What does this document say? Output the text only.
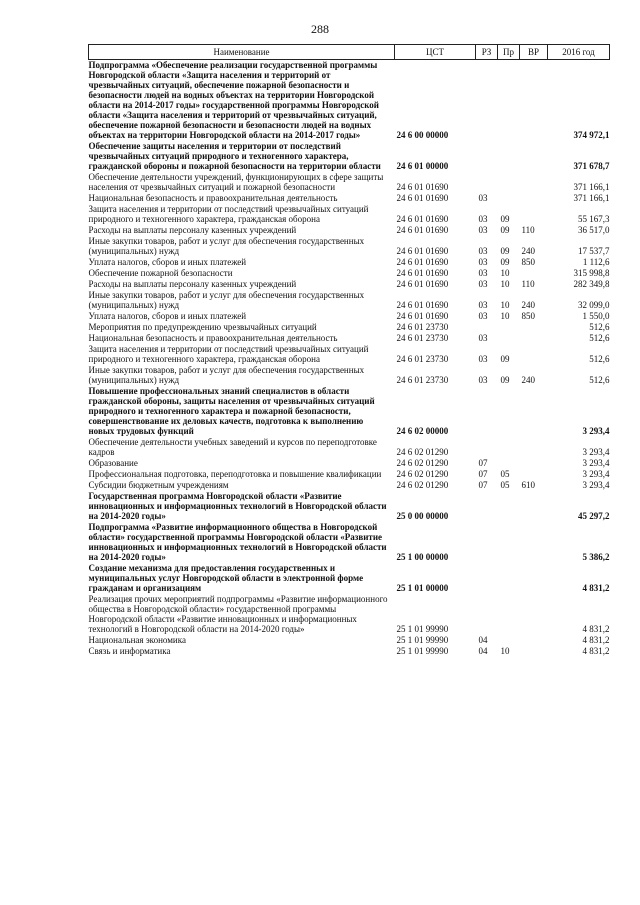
288
Наименование	ЦСТ	РЗ	Пр	ВР	2016 год
Подпрограмма «Обеспечение реализации государственной программы Новгородской области «Защита населения и территорий от чрезвычайных ситуаций, обеспечение пожарной безопасности и безопасности людей на водных объектах на территории Новгородской области на 2014-2017 годы» государственной программы Новгородской области «Защита населения и территорий от чрезвычайных ситуаций, обеспечение пожарной безопасности и безопасности людей на водных объектах на территории Новгородской области на 2014-2017 годы»	24 6 00 00000				374 972,1
Обеспечение защиты населения и территории от последствий чрезвычайных ситуаций природного и техногенного характера, гражданской обороны и пожарной безопасности на территории области	24 6 01 00000				371 678,7
Обеспечение деятельности учреждений, функционирующих в сфере защиты населения от чрезвычайных ситуаций и пожарной безопасности	24 6 01 01690				371 166,1
Национальная безопасность и правоохранительная деятельность	24 6 01 01690	03			371 166,1
Защита населения и территории от последствий чрезвычайных ситуаций природного и техногенного характера, гражданская оборона	24 6 01 01690	03	09		55 167,3
Расходы на выплаты персоналу казенных учреждений	24 6 01 01690	03	09	110	36 517,0
Иные закупки товаров, работ и услуг для обеспечения государственных (муниципальных) нужд	24 6 01 01690	03	09	240	17 537,7
Уплата налогов, сборов и иных платежей	24 6 01 01690	03	09	850	1 112,6
Обеспечение пожарной безопасности	24 6 01 01690	03	10		315 998,8
Расходы на выплаты персоналу казенных учреждений	24 6 01 01690	03	10	110	282 349,8
Иные закупки товаров, работ и услуг для обеспечения государственных (муниципальных) нужд	24 6 01 01690	03	10	240	32 099,0
Уплата налогов, сборов и иных платежей	24 6 01 01690	03	10	850	1 550,0
Мероприятия по предупреждению чрезвычайных ситуаций	24 6 01 23730				512,6
Национальная безопасность и правоохранительная деятельность	24 6 01 23730	03			512,6
Защита населения и территории от последствий чрезвычайных ситуаций природного и техногенного характера, гражданская оборона	24 6 01 23730	03	09		512,6
Иные закупки товаров, работ и услуг для обеспечения государственных (муниципальных) нужд	24 6 01 23730	03	09	240	512,6
Повышение профессиональных знаний специалистов в области гражданской обороны, защиты населения от чрезвычайных ситуаций природного и техногенного характера и пожарной безопасности, совершенствование их деловых качеств, подготовка к выполнению новых трудовых функций	24 6 02 00000				3 293,4
Обеспечение деятельности учебных заведений и курсов по переподготовке кадров	24 6 02 01290				3 293,4
Образование	24 6 02 01290	07			3 293,4
Профессиональная подготовка, переподготовка и повышение квалификации	24 6 02 01290	07	05		3 293,4
Субсидии бюджетным учреждениям	24 6 02 01290	07	05	610	3 293,4
Государственная программа Новгородской области «Развитие инновационных и информационных технологий в Новгородской области на 2014-2020 годы»	25 0 00 00000				45 297,2
Подпрограмма «Развитие информационного общества в Новгородской области» государственной программы Новгородской области «Развитие инновационных и информационных технологий в Новгородской области на 2014-2020 годы»	25 1 00 00000				5 386,2
Создание механизма для предоставления государственных и муниципальных услуг Новгородской области в электронной форме гражданам и организациям	25 1 01 00000				4 831,2
Реализация прочих мероприятий подпрограммы «Развитие информационного общества в Новгородской области» государственной программы Новгородской области «Развитие инновационных и информационных технологий в Новгородской области на 2014-2020 годы»	25 1 01 99990				4 831,2
Национальная экономика	25 1 01 99990	04			4 831,2
Связь и информатика	25 1 01 99990	04	10		4 831,2
